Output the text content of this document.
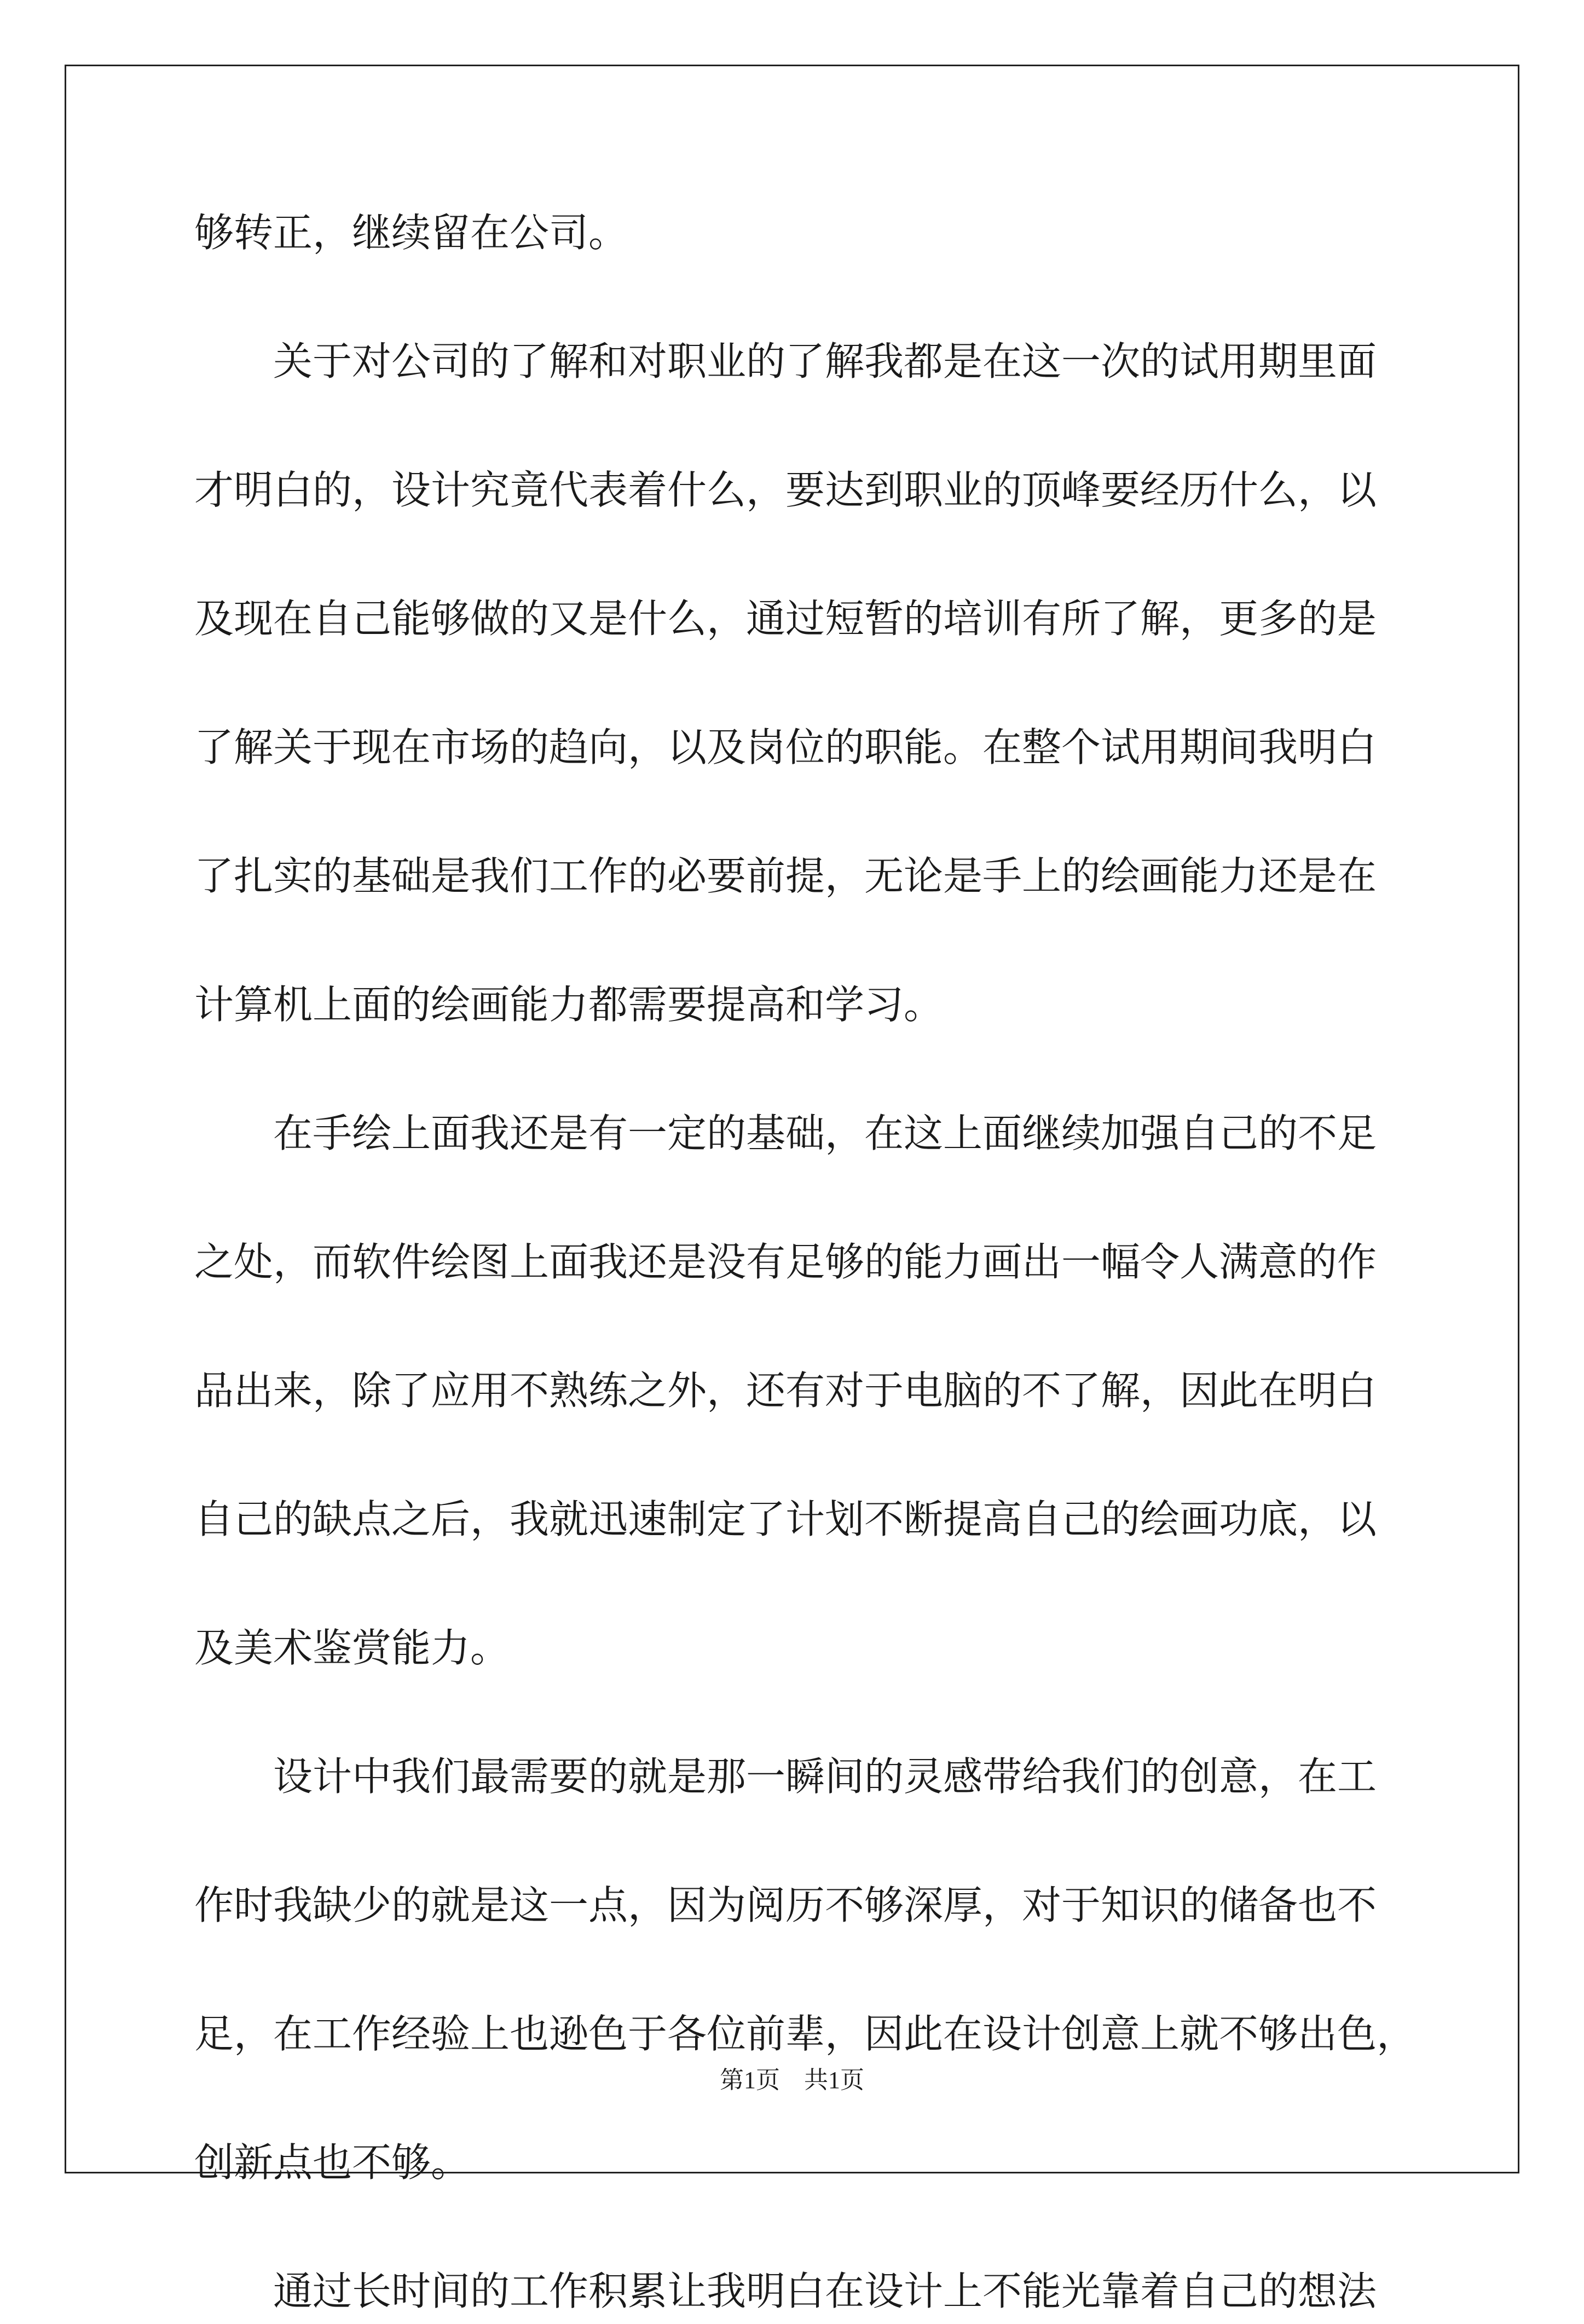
够转正，继续留在公司。
关于对公司的了解和对职业的了解我都是在这一次的试用期里面
才明白的，设计究竟代表着什么，要达到职业的顶峰要经历什么，以
及现在自己能够做的又是什么，通过短暂的培训有所了解，更多的是
了解关于现在市场的趋向，以及岗位的职能。在整个试用期间我明白
了扎实的基础是我们工作的必要前提，无论是手上的绘画能力还是在
计算机上面的绘画能力都需要提高和学习。
在手绘上面我还是有一定的基础，在这上面继续加强自己的不足
之处，而软件绘图上面我还是没有足够的能力画出一幅令人满意的作
品出来，除了应用不熟练之外，还有对于电脑的不了解，因此在明白
自己的缺点之后，我就迅速制定了计划不断提高自己的绘画功底，以
及美术鉴赏能力。
设计中我们最需要的就是那一瞬间的灵感带给我们的创意，在工
作时我缺少的就是这一点，因为阅历不够深厚，对于知识的储备也不
足，在工作经验上也逊色于各位前辈，因此在设计创意上就不够出色，
创新点也不够。
通过长时间的工作积累让我明白在设计上不能光靠着自己的想法
第1页 共1页
